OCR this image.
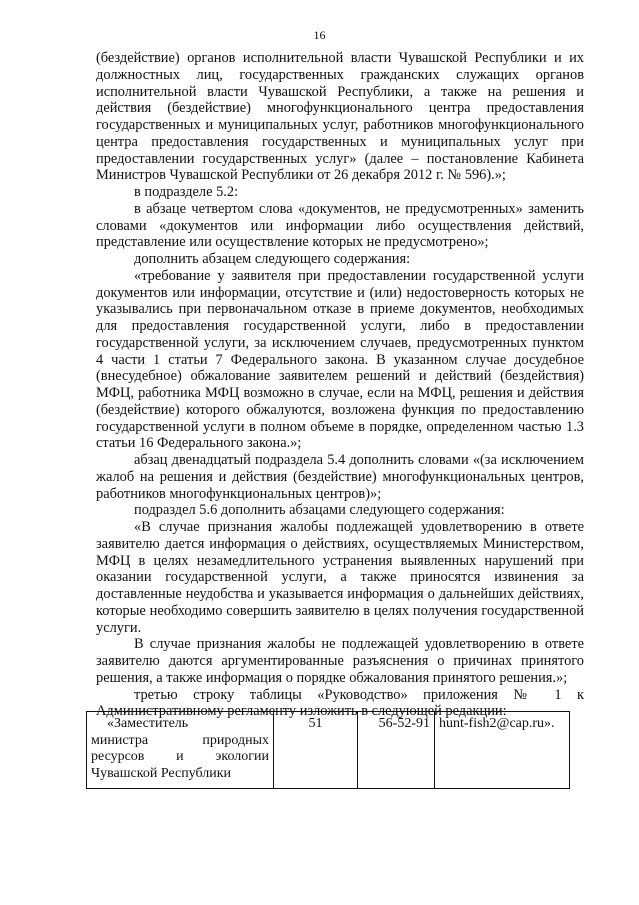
16

(бездействие) органов исполнительной власти Чувашской Республики и их должностных лиц, государственных гражданских служащих органов исполнительной власти Чувашской Республики, а также на решения и действия (бездействие) многофункционального центра предоставления государственных и муниципальных услуг, работников многофункционального центра предоставления государственных и муниципальных услуг при предоставлении государственных услуг» (далее – постановление Кабинета Министров Чувашской Республики от 26 декабря 2012 г. № 596).»;

в подразделе 5.2:

в абзаце четвертом слова «документов, не предусмотренных» заменить словами «документов или информации либо осуществления действий, представление или осуществление которых не предусмотрено»;

дополнить абзацем следующего содержания:

«требование у заявителя при предоставлении государственной услуги документов или информации, отсутствие и (или) недостоверность которых не указывались при первоначальном отказе в приеме документов, необходимых для предоставления государственной услуги, либо в предоставлении государственной услуги, за исключением случаев, предусмотренных пунктом 4 части 1 статьи 7 Федерального закона. В указанном случае досудебное (внесудебное) обжалование заявителем решений и действий (бездействия) МФЦ, работника МФЦ возможно в случае, если на МФЦ, решения и действия (бездействие) которого обжалуются, возложена функция по предоставлению государственной услуги в полном объеме в порядке, определенном частью 1.3 статьи 16 Федерального закона.»;

абзац двенадцатый подраздела 5.4 дополнить словами «(за исключением жалоб на решения и действия (бездействие) многофункциональных центров, работников многофункциональных центров)»;

подраздел 5.6 дополнить абзацами следующего содержания:

«В случае признания жалобы подлежащей удовлетворению в ответе заявителю дается информация о действиях, осуществляемых Министерством, МФЦ в целях незамедлительного устранения выявленных нарушений при оказании государственной услуги, а также приносятся извинения за доставленные неудобства и указывается информация о дальнейших действиях, которые необходимо совершить заявителю в целях получения государственной услуги.

В случае признания жалобы не подлежащей удовлетворению в ответе заявителю даются аргументированные разъяснения о причинах принятого решения, а также информация о порядке обжалования принятого решения.»;

третью строку таблицы «Руководство» приложения № 1 к Административному регламенту изложить в следующей редакции:

«Заместитель
министра природных
ресурсов и экологии
Чувашской Республики
	51	56-52-91	hunt-fish2@cap.ru».
